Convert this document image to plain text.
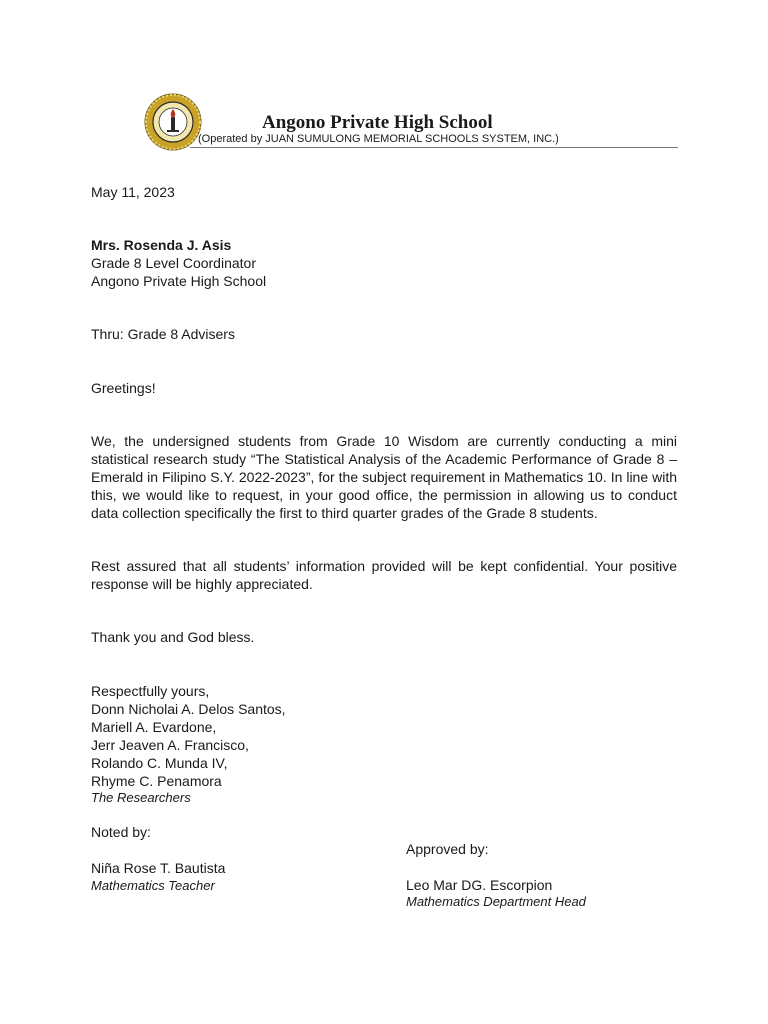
Angono Private High School
(Operated by JUAN SUMULONG MEMORIAL SCHOOLS SYSTEM, INC.)
May 11, 2023
Mrs. Rosenda J. Asis
Grade 8 Level Coordinator
Angono Private High School
Thru: Grade 8 Advisers
Greetings!
We, the undersigned students from Grade 10 Wisdom are currently conducting a mini statistical research study “The Statistical Analysis of the Academic Performance of Grade 8 – Emerald in Filipino S.Y. 2022-2023”, for the subject requirement in Mathematics 10. In line with this, we would like to request, in your good office, the permission in allowing us to conduct data collection specifically the first to third quarter grades of the Grade 8 students.
Rest assured that all students’ information provided will be kept confidential. Your positive response will be highly appreciated.
Thank you and God bless.
Respectfully yours,
Donn Nicholai A. Delos Santos,
Mariell A. Evardone,
Jerr Jeaven A. Francisco,
Rolando C. Munda IV,
Rhyme C. Penamora
The Researchers
Noted by:
Niña Rose T. Bautista
Mathematics Teacher
Approved by:
Leo Mar DG. Escorpion
Mathematics Department Head
